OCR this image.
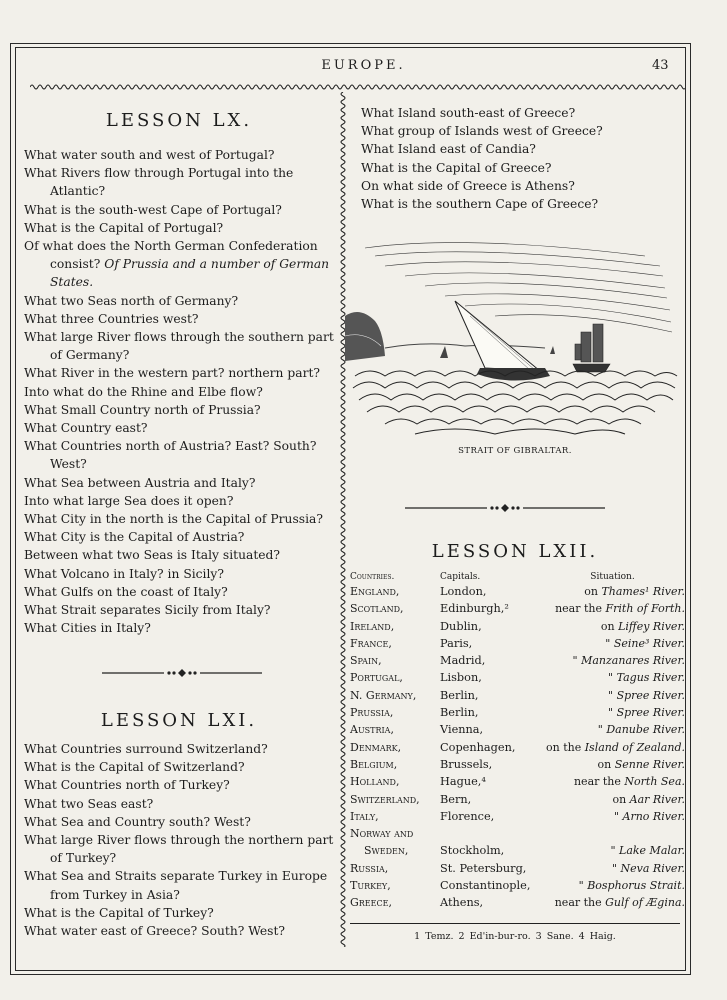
EUROPE.	43
LESSON LX.
What water south and west of Portugal?
What Rivers flow through Portugal into the Atlantic?
What is the south-west Cape of Portugal?
What is the Capital of Portugal?
Of what does the North German Confederation consist? Of Prussia and a number of German States.
What two Seas north of Germany?
What three Countries west?
What large River flows through the southern part of Germany?
What River in the western part? northern part?
Into what do the Rhine and Elbe flow?
What Small Country north of Prussia?
What Country east?
What Countries north of Austria? East? South? West?
What Sea between Austria and Italy?
Into what large Sea does it open?
What City in the north is the Capital of Prussia?
What City is the Capital of Austria?
Between what two Seas is Italy situated?
What Volcano in Italy? in Sicily?
What Gulfs on the coast of Italy?
What Strait separates Sicily from Italy?
What Cities in Italy?
LESSON LXI.
What Countries surround Switzerland?
What is the Capital of Switzerland?
What Countries north of Turkey?
What two Seas east?
What Sea and Country south? West?
What large River flows through the northern part of Turkey?
What Sea and Straits separate Turkey in Europe from Turkey in Asia?
What is the Capital of Turkey?
What water east of Greece? South? West?
What Island south-east of Greece?
What group of Islands west of Greece?
What Island east of Candia?
What is the Capital of Greece?
On what side of Greece is Athens?
What is the southern Cape of Greece?
STRAIT OF GIBRALTAR.
LESSON LXII.
Countries.	Capitals.	Situation.
England,	London,	on Thames¹ River.
Scotland,	Edinburgh,²	near the Frith of Forth.
Ireland,	Dublin,	on Liffey River.
France,	Paris,	" Seine³ River.
Spain,	Madrid,	" Manzanares River.
Portugal,	Lisbon,	" Tagus River.
N. Germany,	Berlin,	" Spree River.
Prussia,	Berlin,	" Spree River.
Austria,	Vienna,	" Danube River.
Denmark,	Copenhagen,	on the Island of Zealand.
Belgium,	Brussels,	on Senne River.
Holland,	Hague,⁴	near the North Sea.
Switzerland,	Bern,	on Aar River.
Italy,	Florence,	" Arno River.
Norway and		
Sweden,	Stockholm,	" Lake Malar.
Russia,	St. Petersburg,	" Neva River.
Turkey,	Constantinople,	" Bosphorus Strait.
Greece,	Athens,	near the Gulf of Ægina.
1 Temz. 2 Ed'in-bur-ro. 3 Sane. 4 Haig.
